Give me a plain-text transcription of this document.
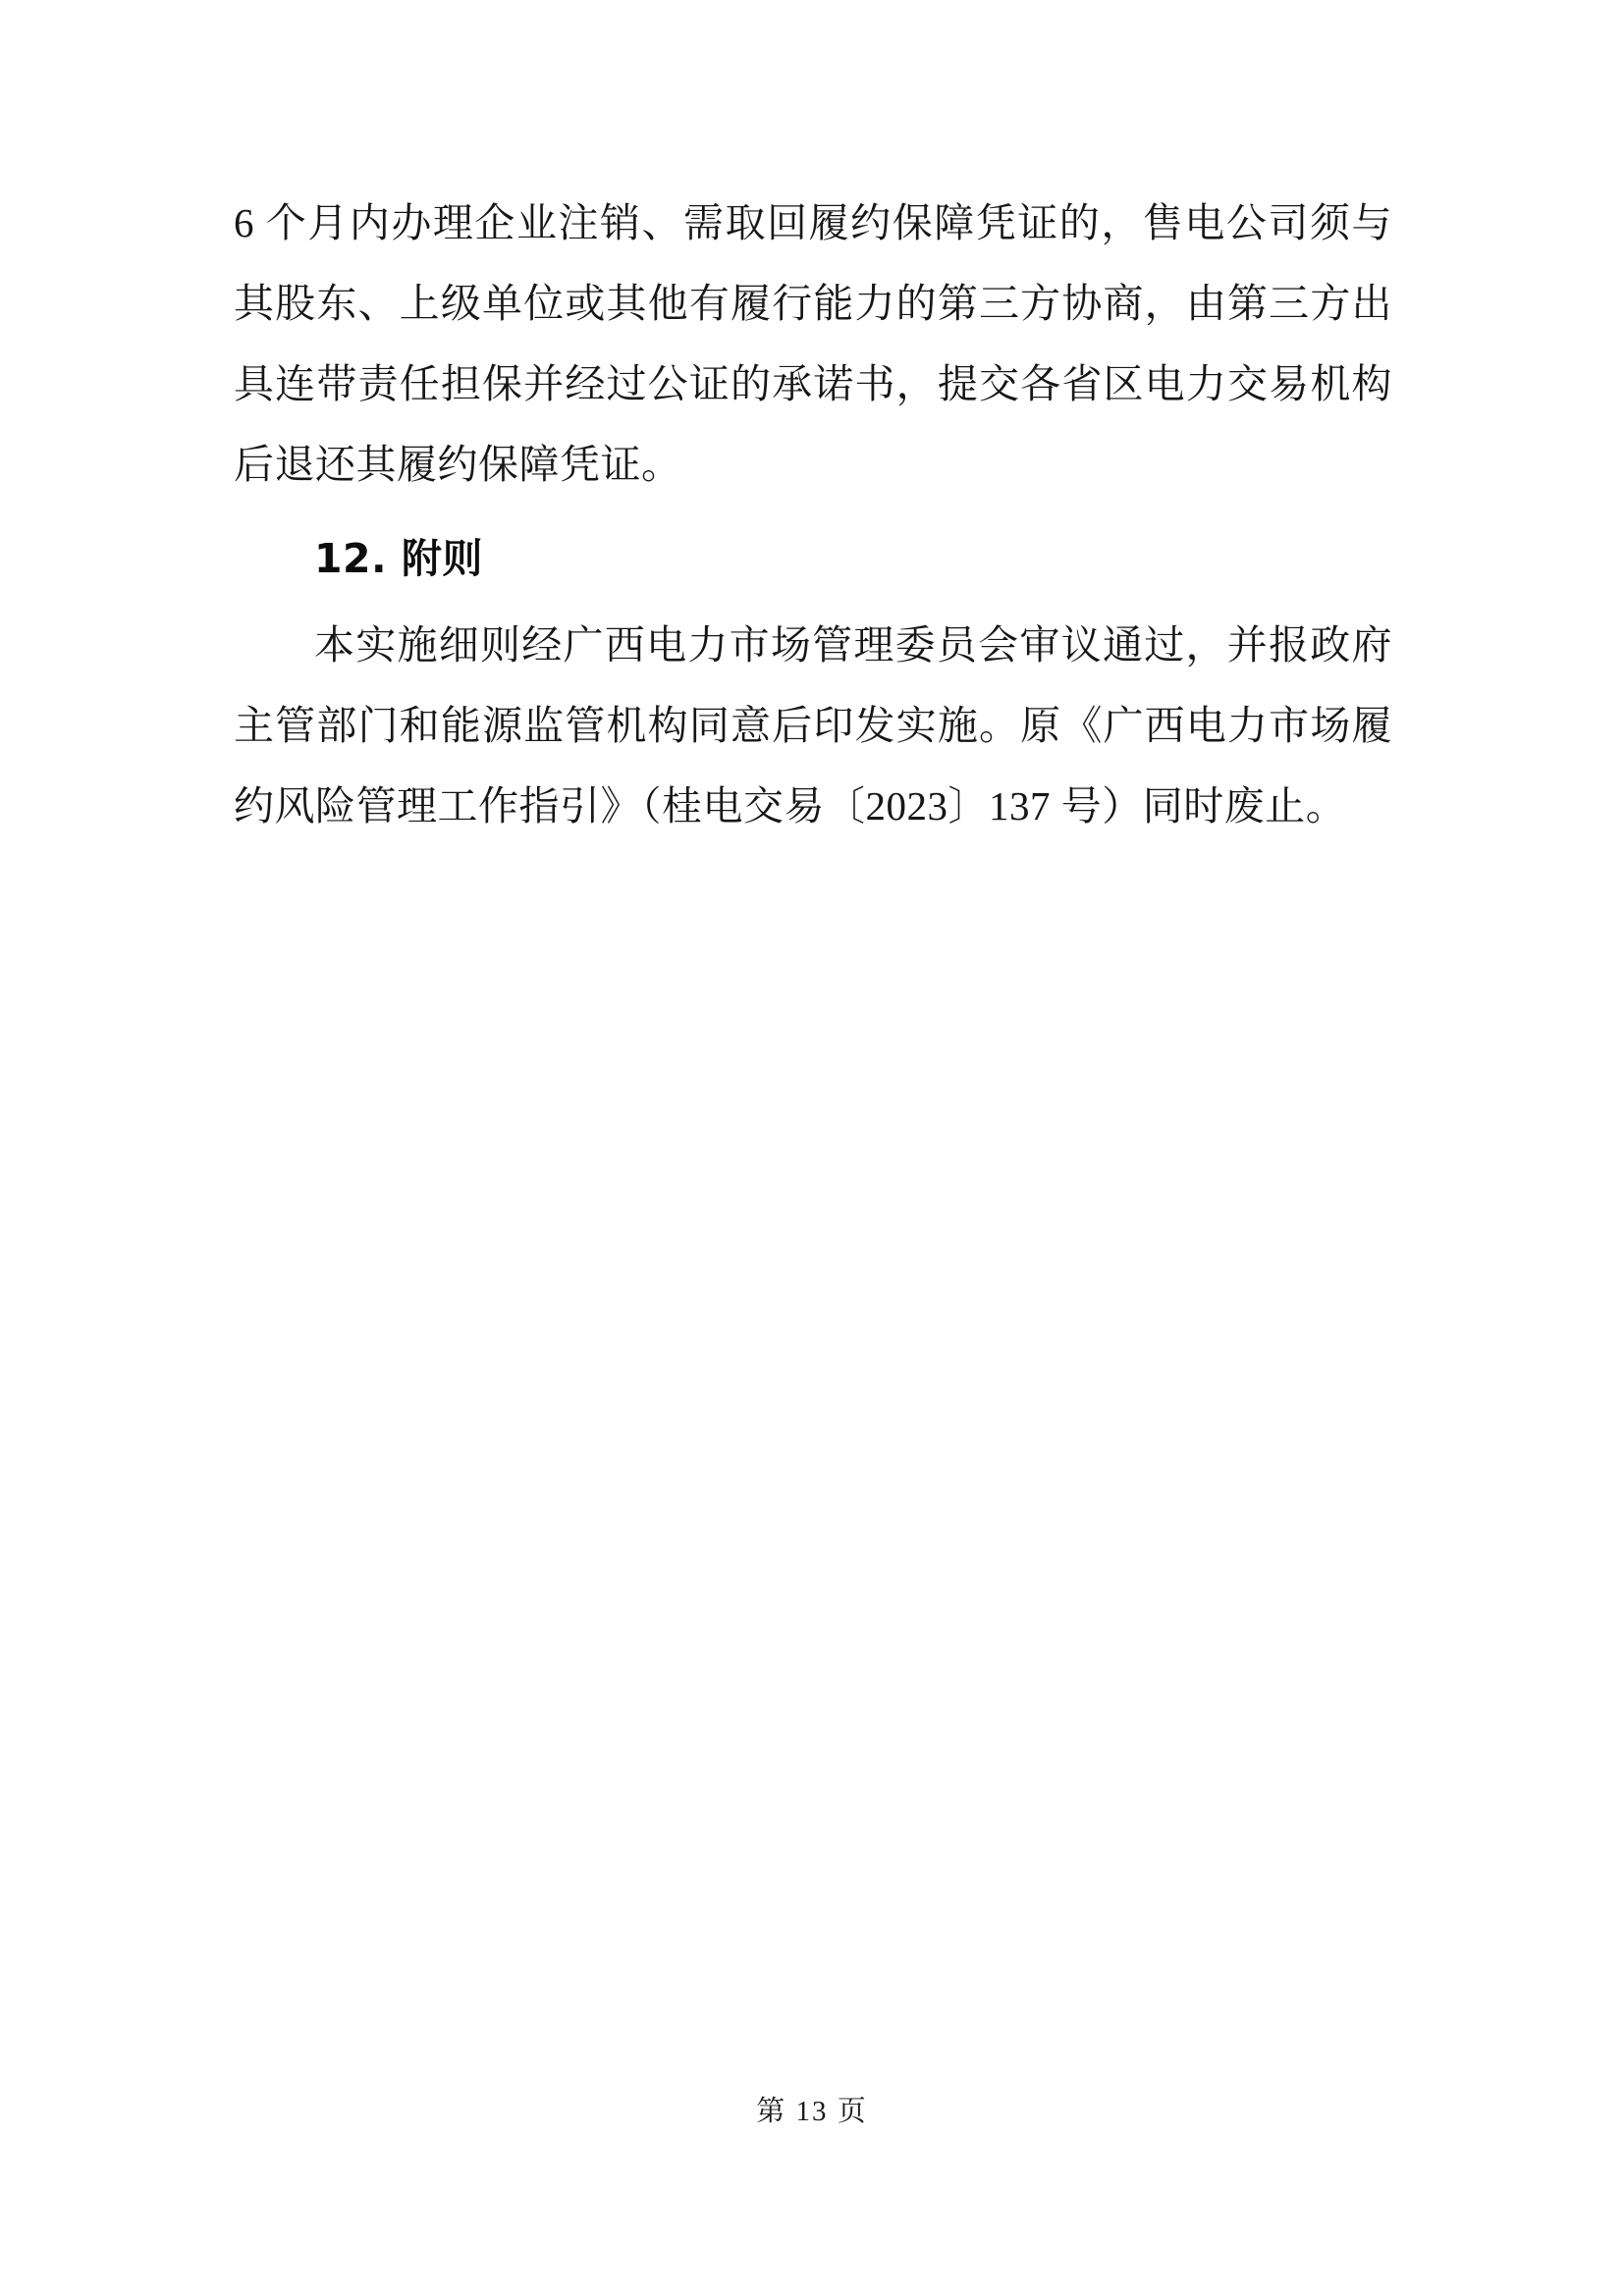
6 个月内办理企业注销、需取回履约保障凭证的，售电公司须与其股东、上级单位或其他有履行能力的第三方协商，由第三方出具连带责任担保并经过公证的承诺书，提交各省区电力交易机构后退还其履约保障凭证。

12. 附则

本实施细则经广西电力市场管理委员会审议通过，并报政府主管部门和能源监管机构同意后印发实施。原《广西电力市场履约风险管理工作指引》（桂电交易〔2023〕137 号）同时废止。

第 13 页
